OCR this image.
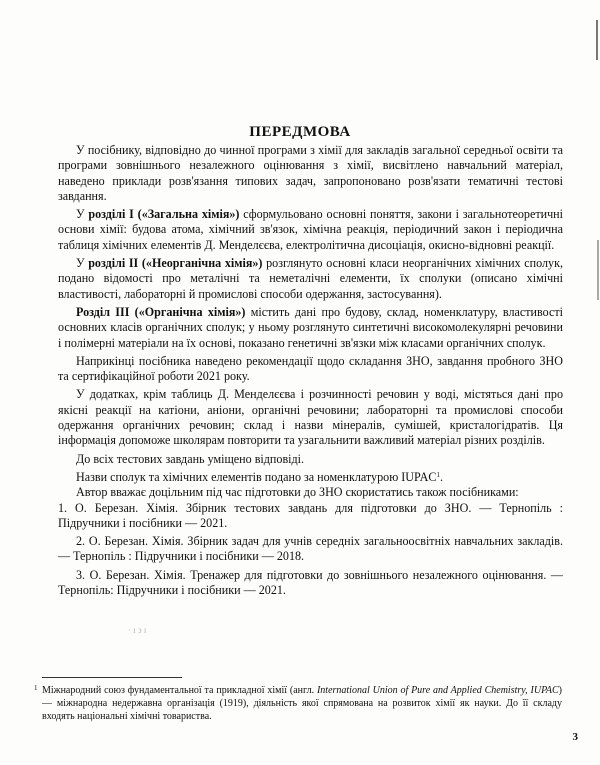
ПЕРЕДМОВА

У посібнику, відповідно до чинної програми з хімії для закладів загальної середньої освіти та програми зовнішнього незалежного оцінювання з хімії, висвітлено навчальний матеріал, наведено приклади розв'язання типових задач, запропоновано розв'язати тематичні тестові завдання.

У розділі І («Загальна хімія») сформульовано основні поняття, закони і загальнотеоретичні основи хімії: будова атома, хімічний зв'язок, хімічна реакція, періодичний закон і періодична таблиця хімічних елементів Д. Менделєєва, електролітична дисоціація, окисно-відновні реакції.

У розділі ІІ («Неорганічна хімія») розглянуто основні класи неорганічних хімічних сполук, подано відомості про металічні та неметалічні елементи, їх сполуки (описано хімічні властивості, лабораторні й промислові способи одержання, застосування).

Розділ ІІІ («Органічна хімія») містить дані про будову, склад, номенклатуру, властивості основних класів органічних сполук; у ньому розглянуто синтетичні високомолекулярні речовини і полімерні матеріали на їх основі, показано генетичні зв'язки між класами органічних сполук.

Наприкінці посібника наведено рекомендації щодо складання ЗНО, завдання пробного ЗНО та сертифікаційної роботи 2021 року.

У додатках, крім таблиць Д. Менделєєва і розчинності речовин у воді, містяться дані про якісні реакції на катіони, аніони, органічні речовини; лабораторні та промислові способи одержання органічних речовин; склад і назви мінералів, сумішей, кристалогідратів. Ця інформація допоможе школярам повторити та узагальнити важливий матеріал різних розділів.

До всіх тестових завдань уміщено відповіді.

Назви сполук та хімічних елементів подано за номенклатурою IUPAC$^1$.

Автор вважає доцільним під час підготовки до ЗНО скористатись також посібниками:

1. О. Березан. Хімія. Збірник тестових завдань для підготовки до ЗНО. — Тернопіль : Підручники і посібники — 2021.

2. О. Березан. Хімія. Збірник задач для учнів середніх загальноосвітніх навчальних закладів. — Тернопіль : Підручники і посібники — 2018.

3. О. Березан. Хімія. Тренажер для підготовки до зовнішнього незалежного оцінювання. — Тернопіль: Підручники і посібники — 2021.

· ı ϶ ı
1 Міжнародний союз фундаментальної та прикладної хімії (англ. International Union of Pure and Applied Chemistry, IUPAC) — міжнародна недержавна організація (1919), діяльність якої спрямована на розвиток хімії як науки. До її складу входять національні хімічні товариства.
3
